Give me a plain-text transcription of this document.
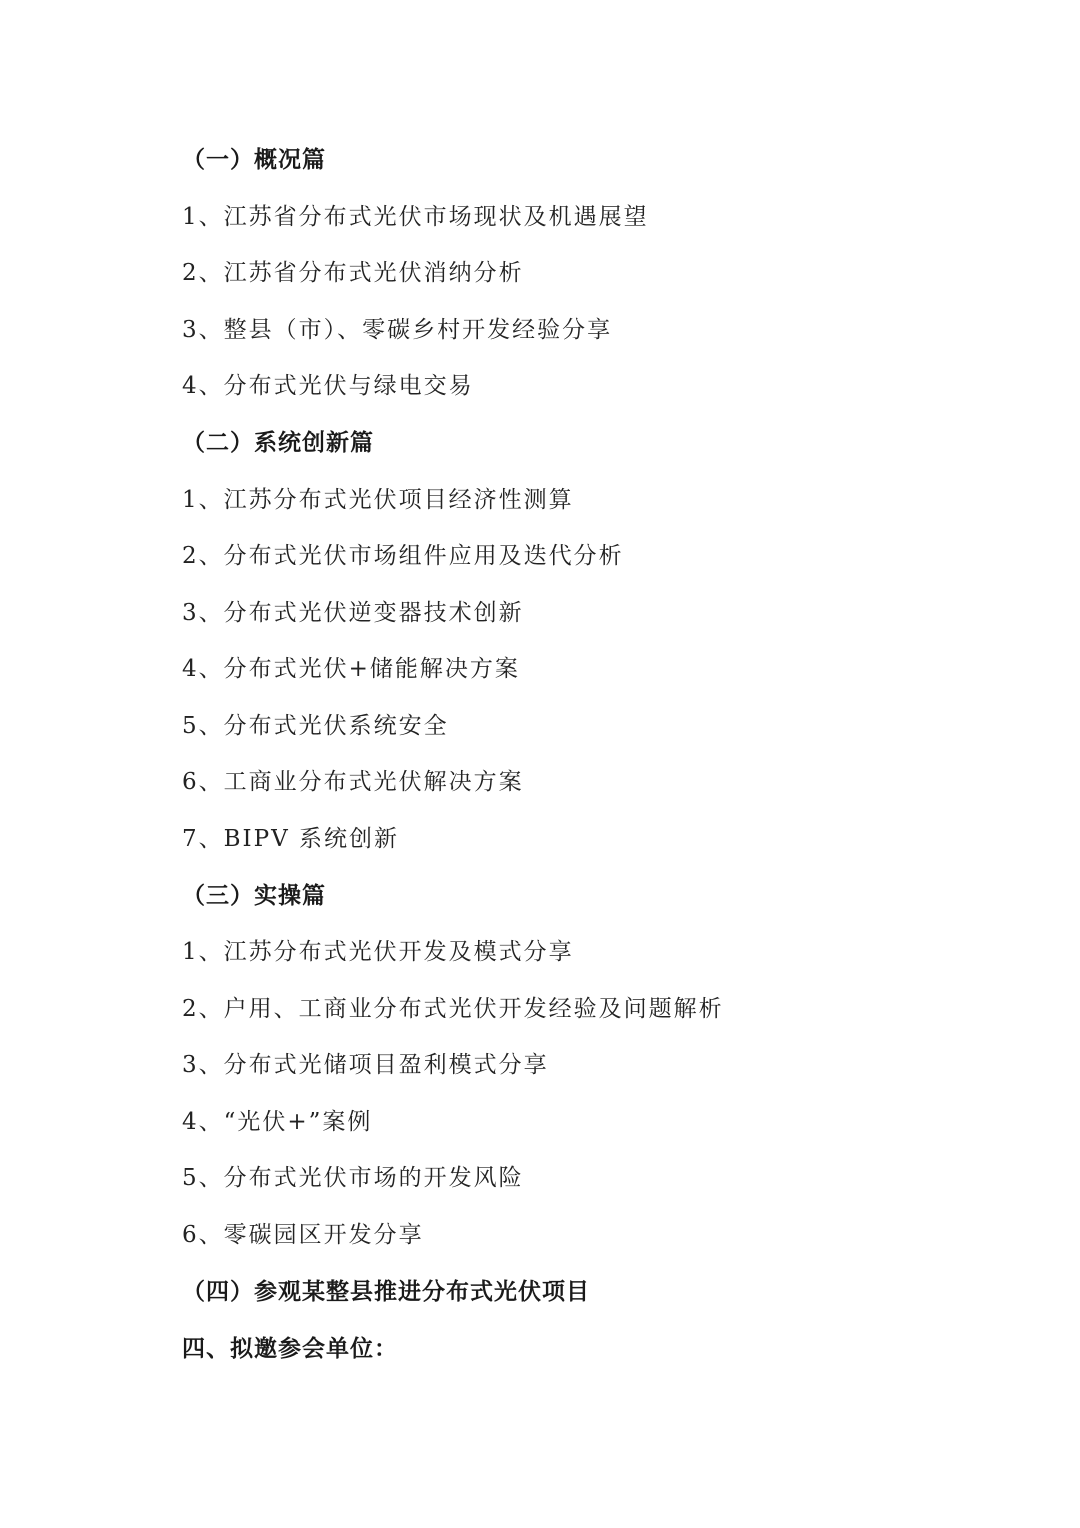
（一）概况篇
1、江苏省分布式光伏市场现状及机遇展望
2、江苏省分布式光伏消纳分析
3、整县（市）、零碳乡村开发经验分享
4、分布式光伏与绿电交易
（二）系统创新篇
1、江苏分布式光伏项目经济性测算
2、分布式光伏市场组件应用及迭代分析
3、分布式光伏逆变器技术创新
4、分布式光伏+储能解决方案
5、分布式光伏系统安全
6、工商业分布式光伏解决方案
7、BIPV 系统创新
（三）实操篇
1、江苏分布式光伏开发及模式分享
2、户用、工商业分布式光伏开发经验及问题解析
3、分布式光储项目盈利模式分享
4、“光伏+”案例
5、分布式光伏市场的开发风险
6、零碳园区开发分享
（四）参观某整县推进分布式光伏项目
四、拟邀参会单位：
